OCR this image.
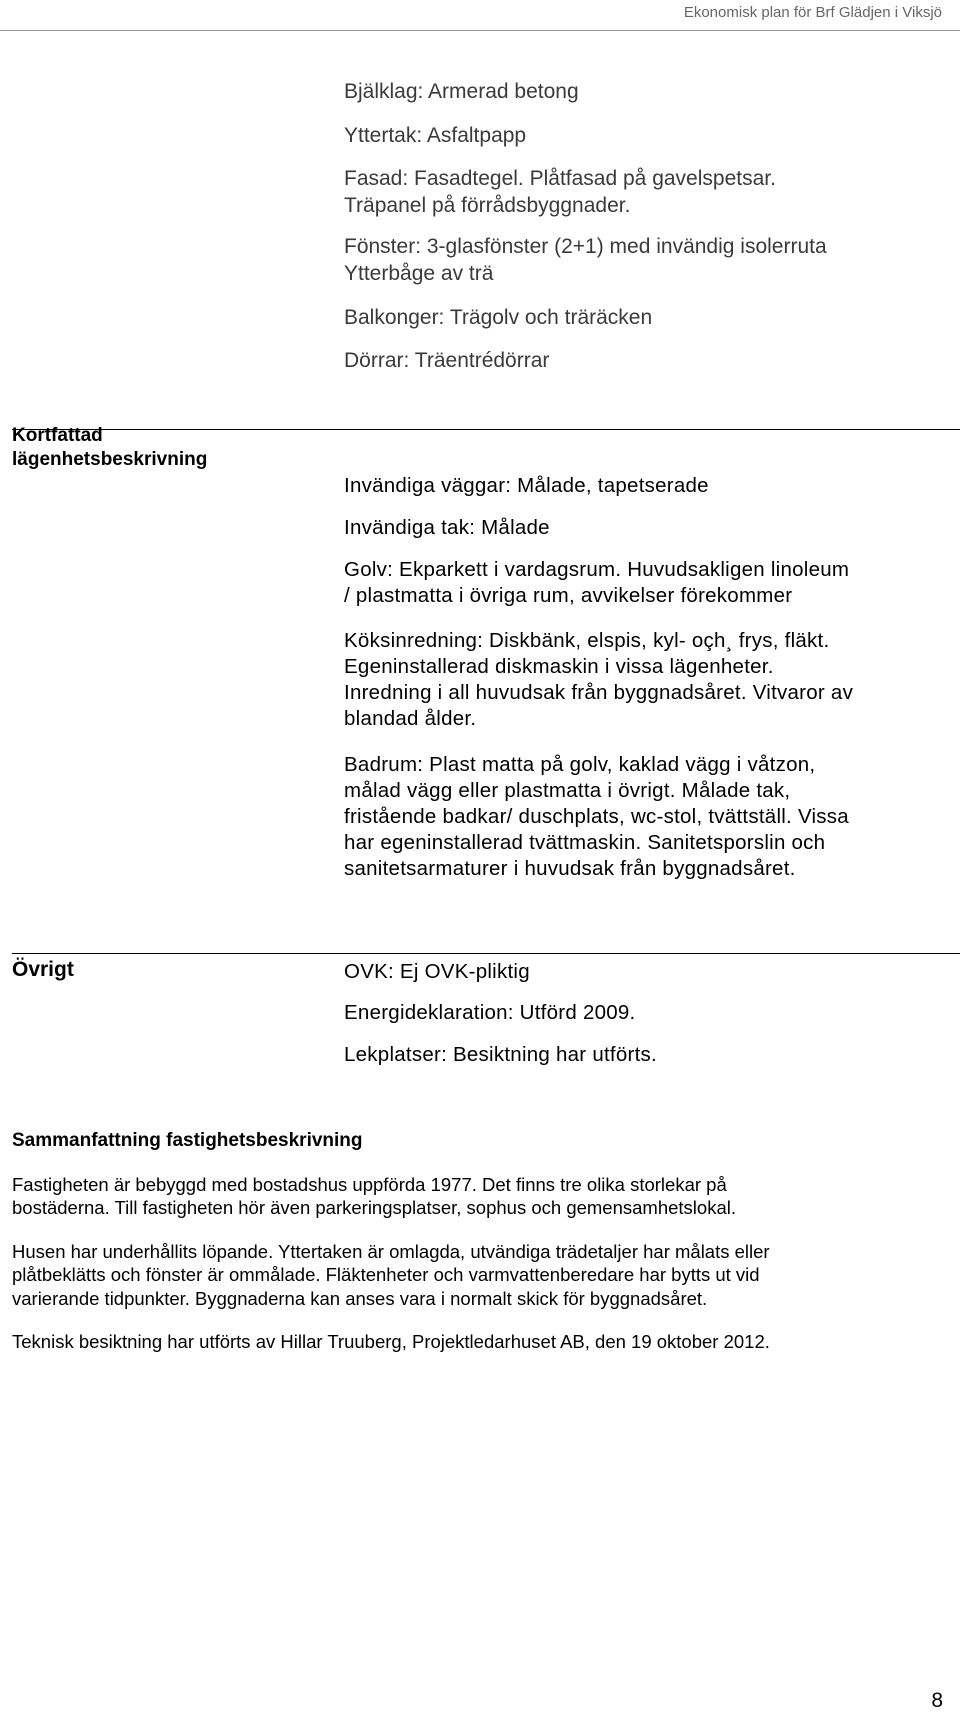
Ekonomisk plan för Brf Glädjen i Viksjö
Bjälklag: Armerad betong
Yttertak: Asfaltpapp
Fasad: Fasadtegel. Plåtfasad på gavelspetsar.
Träpanel på förrådsbyggnader.
Fönster: 3-glasfönster (2+1) med invändig isolerruta
Ytterbåge av trä
Balkonger: Trägolv och träräcken
Dörrar: Träentrédörrar
Kortfattad
lägenhetsbeskrivning
Invändiga väggar: Målade, tapetserade
Invändiga tak: Målade
Golv: Ekparkett i vardagsrum. Huvudsakligen linoleum
/ plastmatta i övriga rum, avvikelser förekommer
Köksinredning: Diskbänk, elspis, kyl- oçh¸ frys, fläkt.
Egeninstallerad diskmaskin i vissa lägenheter.
Inredning i all huvudsak från byggnadsåret. Vitvaror av
blandad ålder.
Badrum: Plast matta på golv, kaklad vägg i våtzon,
målad vägg eller plastmatta i övrigt. Målade tak,
fristående badkar/ duschplats, wc-stol, tvättställ. Vissa
har egeninstallerad tvättmaskin. Sanitetsporslin och
sanitetsarmaturer i huvudsak från byggnadsåret.
Övrigt	OVK: Ej OVK-pliktig
Energideklaration: Utförd 2009.
Lekplatser: Besiktning har utförts.
Sammanfattning fastighetsbeskrivning
Fastigheten är bebyggd med bostadshus uppförda 1977. Det finns tre olika storlekar på
bostäderna. Till fastigheten hör även parkeringsplatser, sophus och gemensamhetslokal.
Husen har underhållits löpande. Yttertaken är omlagda, utvändiga trädetaljer har målats eller
plåtbeklätts och fönster är ommålade. Fläktenheter och varmvattenberedare har bytts ut vid
varierande tidpunkter. Byggnaderna kan anses vara i normalt skick för byggnadsåret.
Teknisk besiktning har utförts av Hillar Truuberg, Projektledarhuset AB, den 19 oktober 2012.
8
